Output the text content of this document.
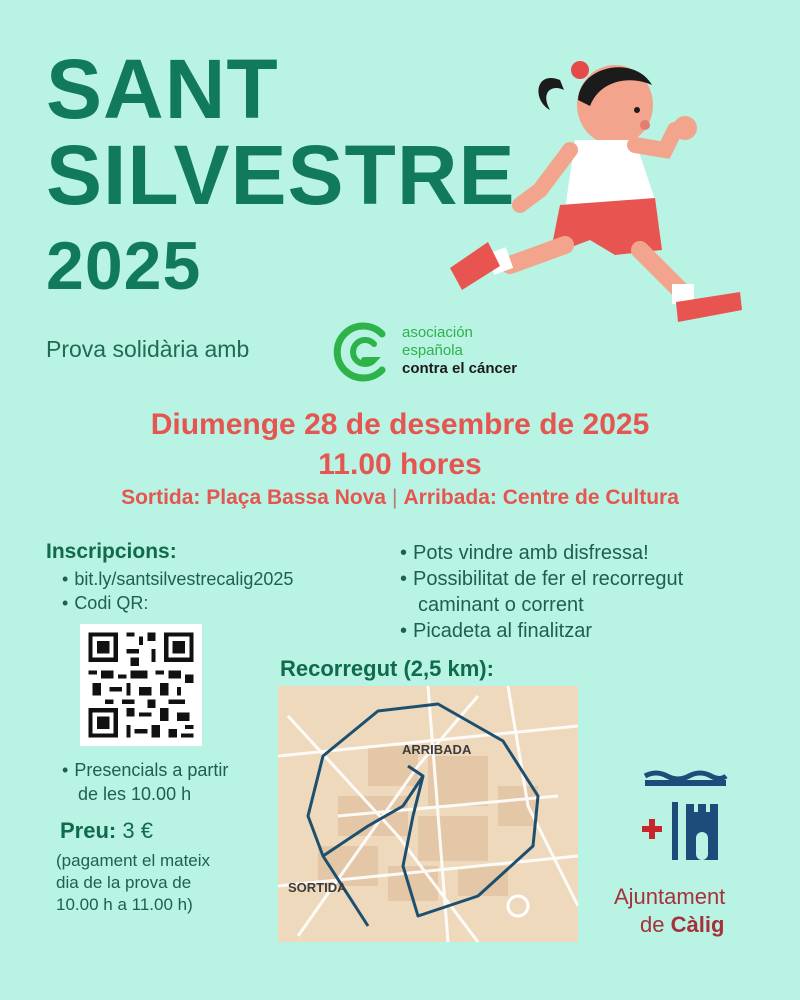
SANT
SILVESTRE
2025
Prova solidària amb
asociación
española
contra el cáncer
Diumenge 28 de desembre de 2025
11.00 hores
Sortida: Plaça Bassa Nova | Arribada: Centre de Cultura
Inscripcions:
• bit.ly/santsilvestrecalig2025
• Codi QR:
• Presencials a partir
de les 10.00 h
Preu: 3 €
(pagament el mateix
dia de la prova de
10.00 h a 11.00 h)
• Pots vindre amb disfressa!
• Possibilitat de fer el recorregut
caminant o corrent
• Picadeta al finalitzar
Recorregut (2,5 km):
ARRIBADA
SORTIDA	Ajuntament
de Càlig
